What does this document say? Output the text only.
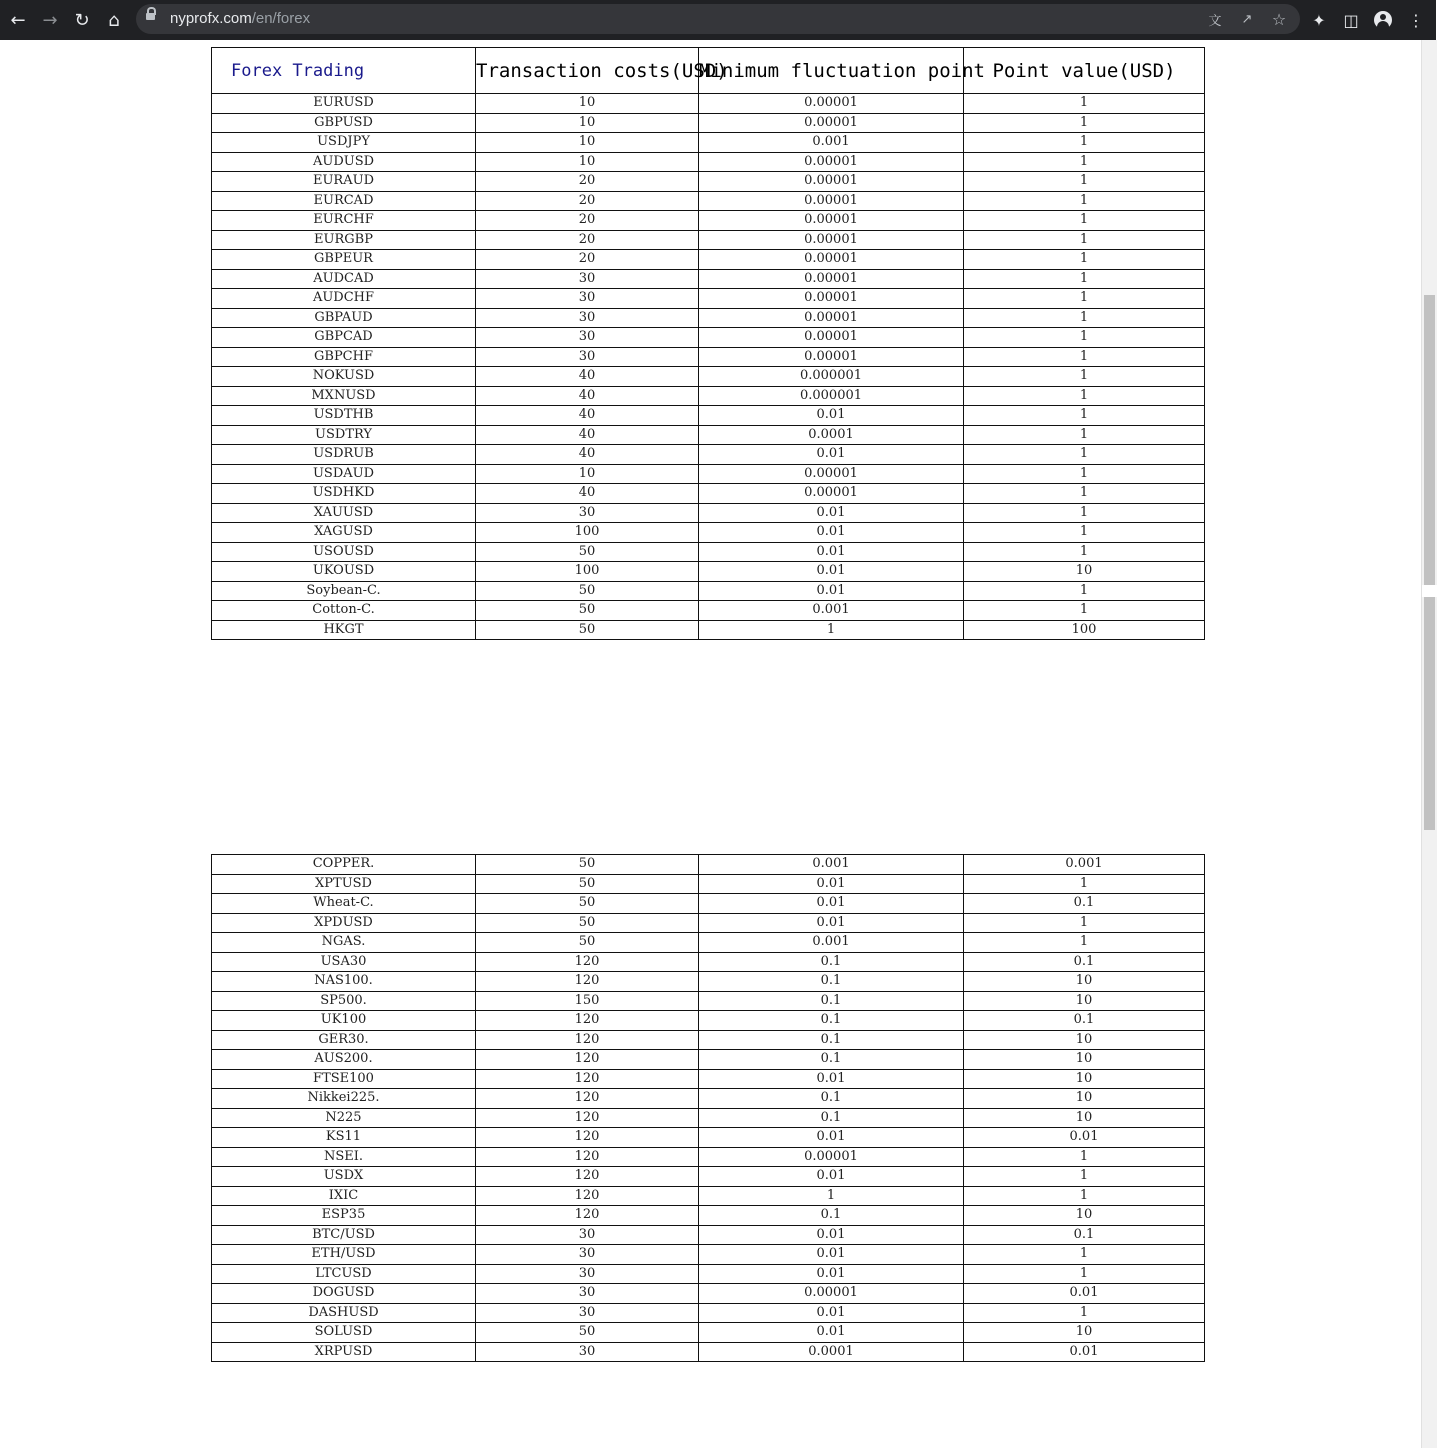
← → ↻	⌂	nyprofx.com/en/forex	文	↗	☆	✦	◫	⋮
Forex Trading	Transaction costs(USD)	Minimum fluctuation point	Point value(USD)
EURUSD	10	0.00001	1
GBPUSD	10	0.00001	1
USDJPY	10	0.001	1
AUDUSD	10	0.00001	1
EURAUD	20	0.00001	1
EURCAD	20	0.00001	1
EURCHF	20	0.00001	1
EURGBP	20	0.00001	1
GBPEUR	20	0.00001	1
AUDCAD	30	0.00001	1
AUDCHF	30	0.00001	1
GBPAUD	30	0.00001	1
GBPCAD	30	0.00001	1
GBPCHF	30	0.00001	1
NOKUSD	40	0.000001	1
MXNUSD	40	0.000001	1
USDTHB	40	0.01	1
USDTRY	40	0.0001	1
USDRUB	40	0.01	1
USDAUD	10	0.00001	1
USDHKD	40	0.00001	1
XAUUSD	30	0.01	1
XAGUSD	100	0.01	1
USOUSD	50	0.01	1
UKOUSD	100	0.01	10
Soybean-C.	50	0.01	1
Cotton-C.	50	0.001	1
HKGT	50	1	100
COPPER.	50	0.001	0.001
XPTUSD	50	0.01	1
Wheat-C.	50	0.01	0.1
XPDUSD	50	0.01	1
NGAS.	50	0.001	1
USA30	120	0.1	0.1
NAS100.	120	0.1	10
SP500.	150	0.1	10
UK100	120	0.1	0.1
GER30.	120	0.1	10
AUS200.	120	0.1	10
FTSE100	120	0.01	10
Nikkei225.	120	0.1	10
N225	120	0.1	10
KS11	120	0.01	0.01
NSEI.	120	0.00001	1
USDX	120	0.01	1
IXIC	120	1	1
ESP35	120	0.1	10
BTC/USD	30	0.01	0.1
ETH/USD	30	0.01	1
LTCUSD	30	0.01	1
DOGUSD	30	0.00001	0.01
DASHUSD	30	0.01	1
SOLUSD	50	0.01	10
XRPUSD	30	0.0001	0.01
